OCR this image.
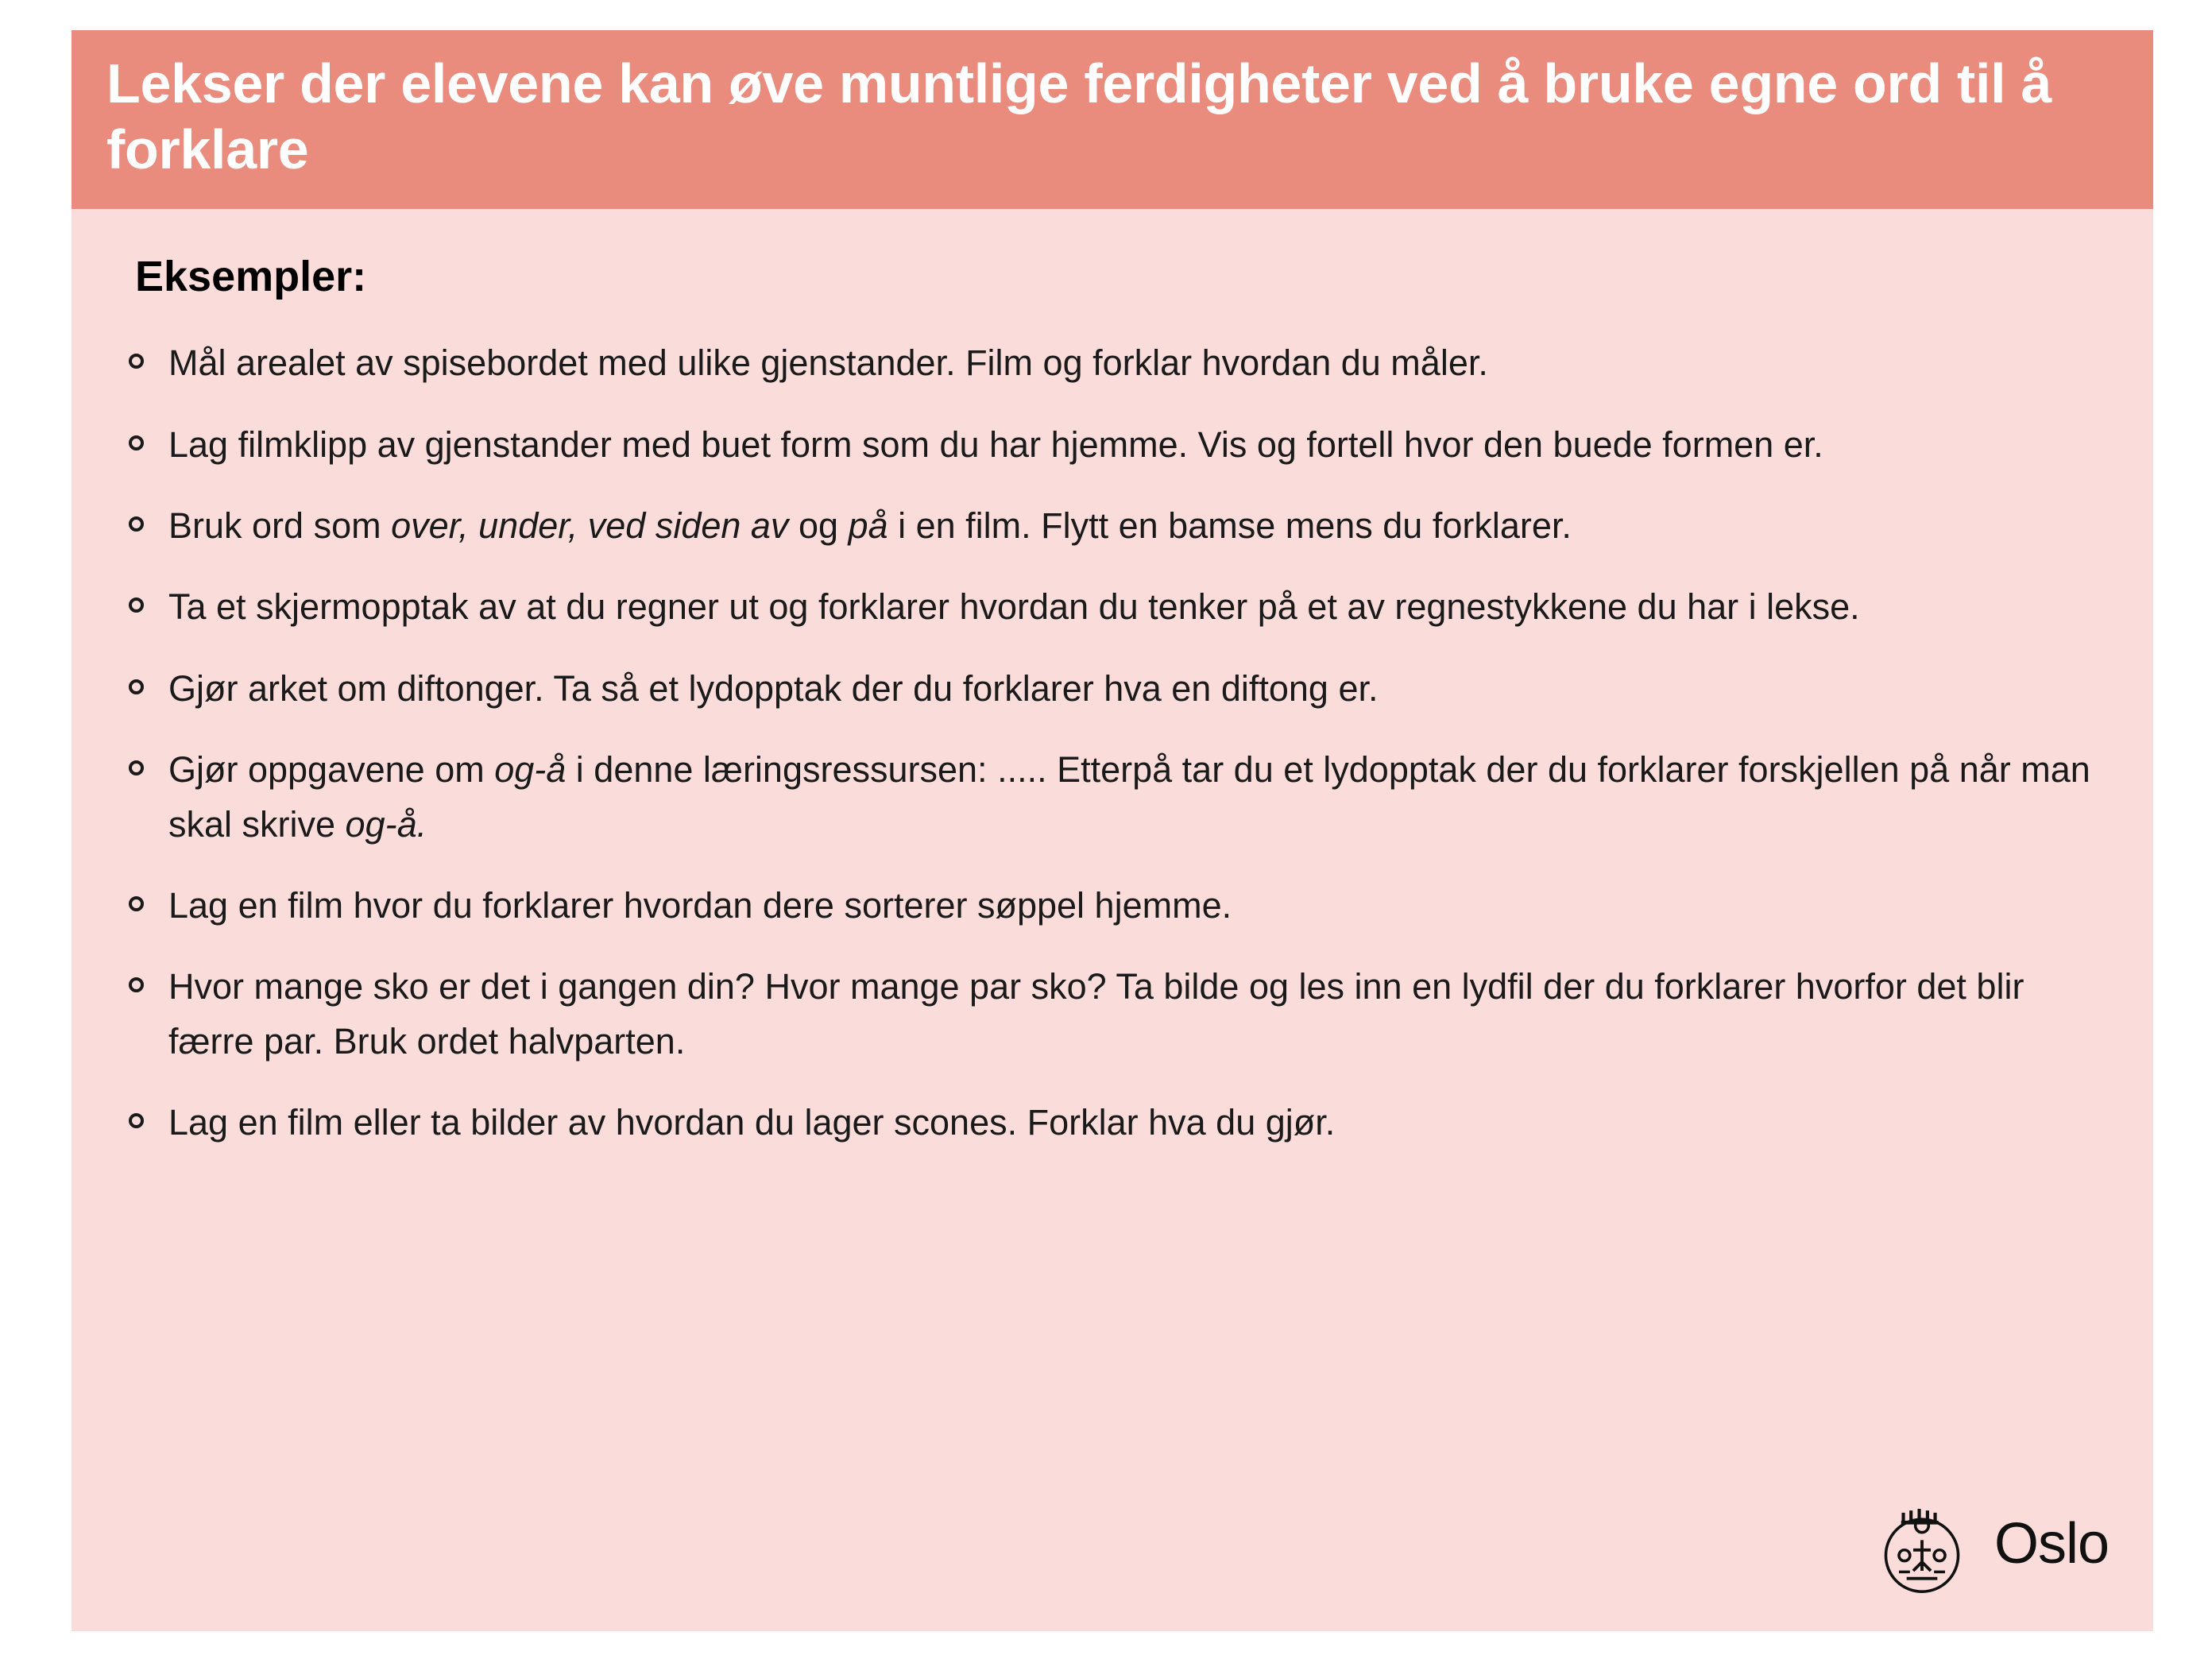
Lekser der elevene kan øve muntlige ferdigheter ved å bruke egne ord til å forklare
Eksempler:
Mål arealet av spisebordet med ulike gjenstander. Film og forklar hvordan du måler.
Lag filmklipp av gjenstander med buet form som du har hjemme. Vis og fortell hvor den buede formen er.
Bruk ord som over, under, ved siden av og på i en film. Flytt en bamse mens du forklarer.
Ta et skjermopptak av at du regner ut og forklarer hvordan du tenker på et av regnestykkene du har i lekse.
Gjør arket om diftonger. Ta så et lydopptak der du forklarer hva en diftong er.
Gjør oppgavene om og-å i denne læringsressursen: ..... Etterpå tar du et lydopptak der du forklarer forskjellen på når man skal skrive og-å.
Lag en film hvor du forklarer hvordan dere sorterer søppel hjemme.
Hvor mange sko er det i gangen din? Hvor mange par sko? Ta bilde og les inn en lydfil der du forklarer hvorfor det blir færre par. Bruk ordet halvparten.
Lag en film eller ta bilder av hvordan du lager scones. Forklar hva du gjør.
Oslo
